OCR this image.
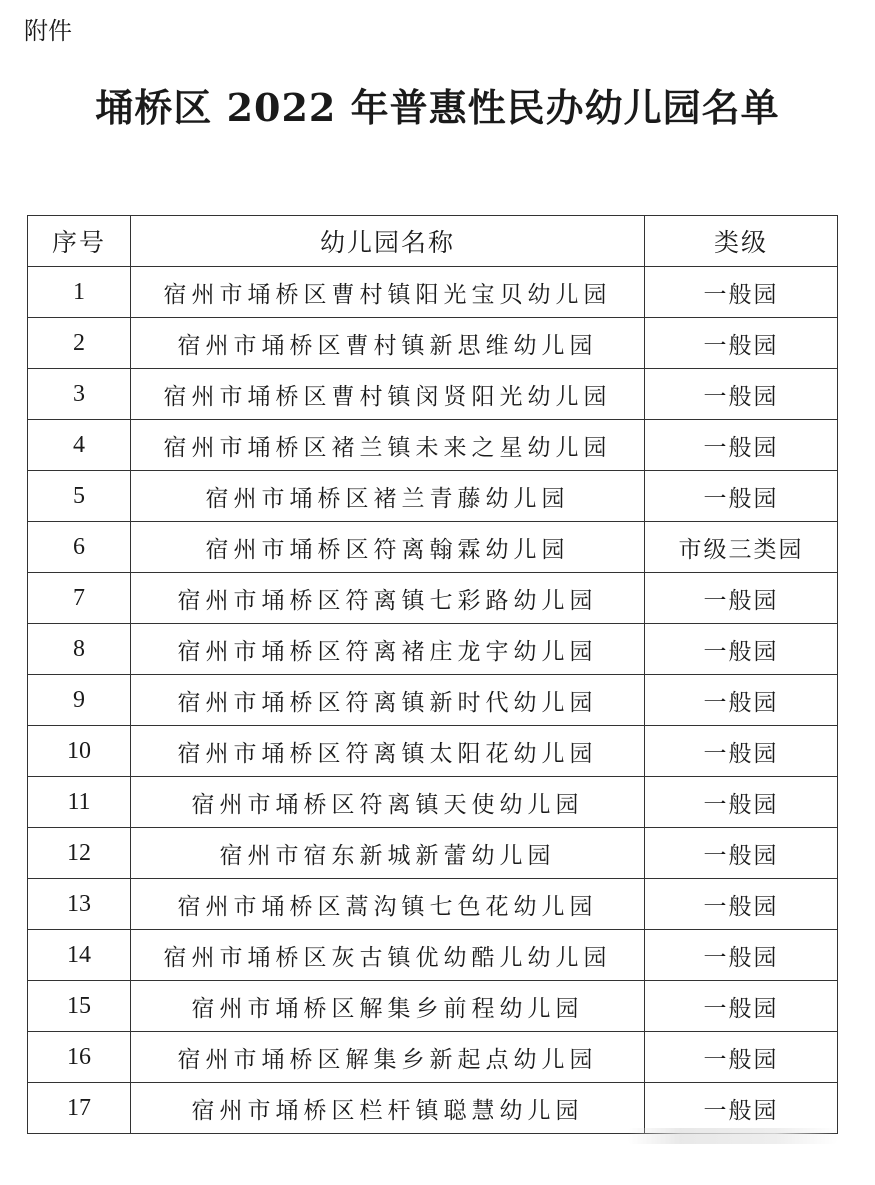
附件
埇桥区 2022 年普惠性民办幼儿园名单
序号	幼儿园名称	类级
1	宿州市埇桥区曹村镇阳光宝贝幼儿园	一般园
2	宿州市埇桥区曹村镇新思维幼儿园	一般园
3	宿州市埇桥区曹村镇闵贤阳光幼儿园	一般园
4	宿州市埇桥区褚兰镇未来之星幼儿园	一般园
5	宿州市埇桥区褚兰青藤幼儿园	一般园
6	宿州市埇桥区符离翰霖幼儿园	市级三类园
7	宿州市埇桥区符离镇七彩路幼儿园	一般园
8	宿州市埇桥区符离褚庄龙宇幼儿园	一般园
9	宿州市埇桥区符离镇新时代幼儿园	一般园
10	宿州市埇桥区符离镇太阳花幼儿园	一般园
11	宿州市埇桥区符离镇天使幼儿园	一般园
12	宿州市宿东新城新蕾幼儿园	一般园
13	宿州市埇桥区蒿沟镇七色花幼儿园	一般园
14	宿州市埇桥区灰古镇优幼酷儿幼儿园	一般园
15	宿州市埇桥区解集乡前程幼儿园	一般园
16	宿州市埇桥区解集乡新起点幼儿园	一般园
17	宿州市埇桥区栏杆镇聪慧幼儿园	一般园
